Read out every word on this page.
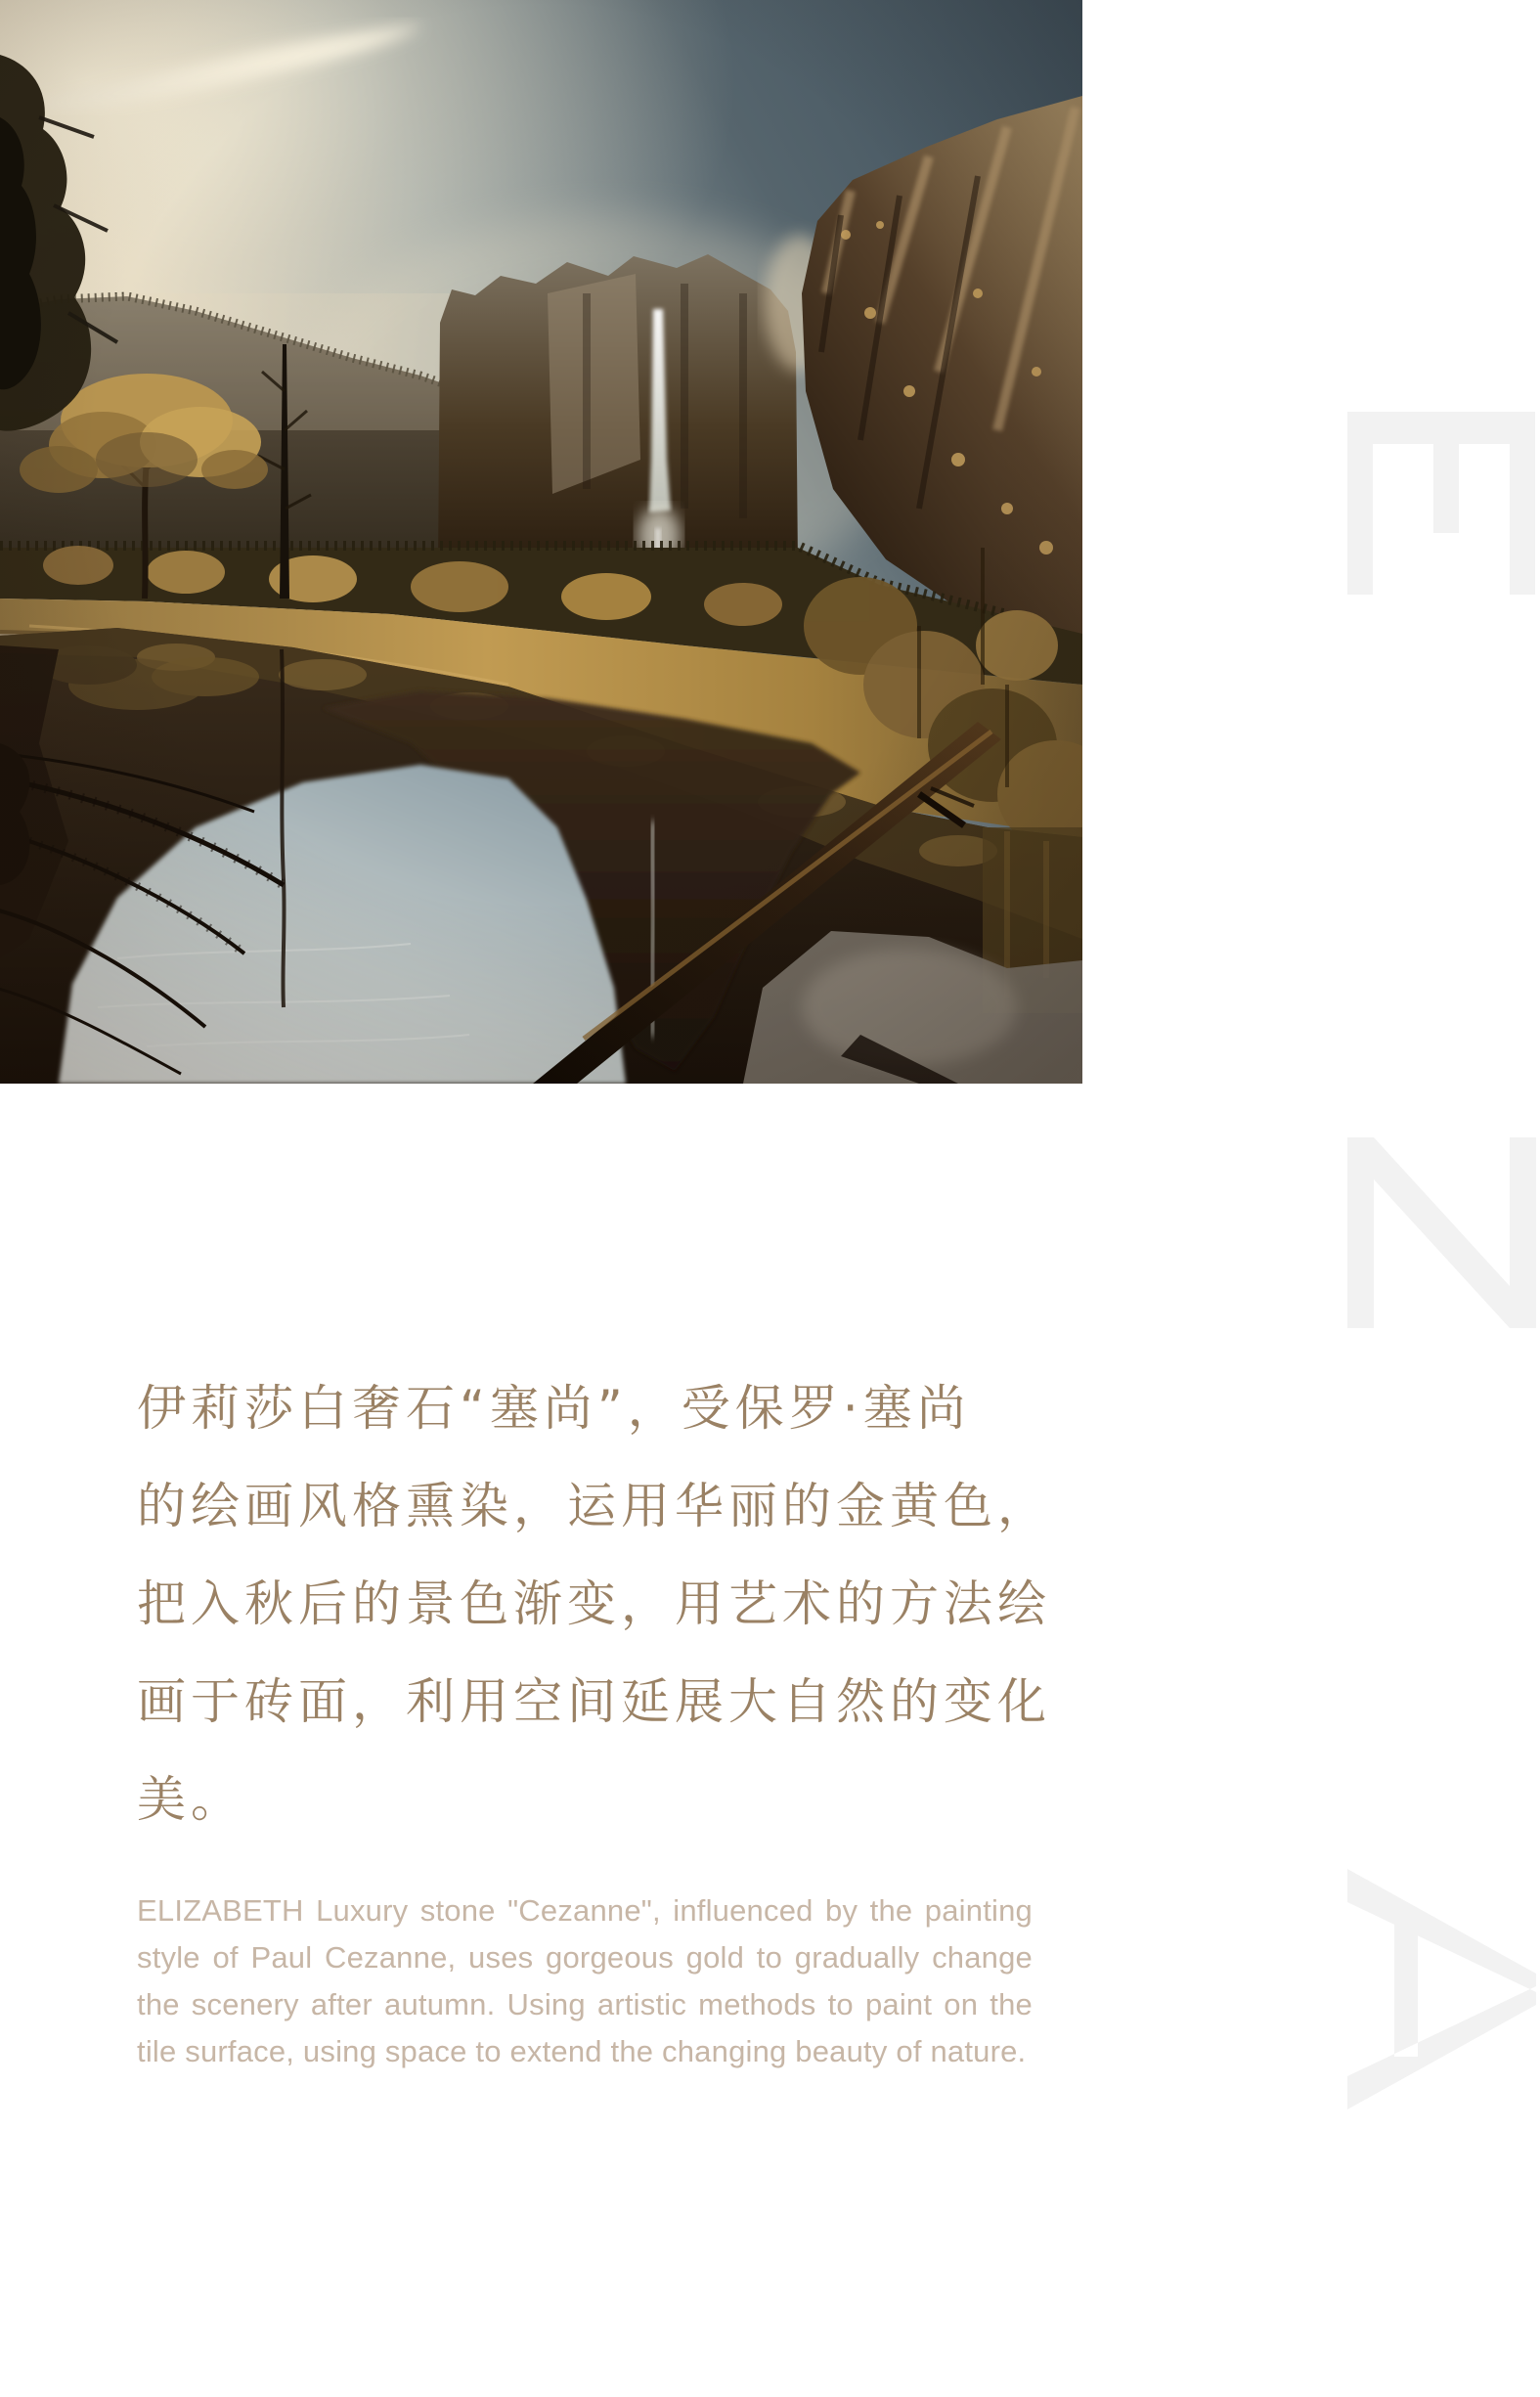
伊莉莎白奢石“塞尚”，受保罗·塞尚
的绘画风格熏染，运用华丽的金黄色，
把入秋后的景色渐变，用艺术的方法绘
画于砖面，利用空间延展大自然的变化
美。
ELIZABETH Luxury stone "Cezanne", influenced by the painting style of Paul Cezanne, uses gorgeous gold to gradually change the scenery after autumn. Using artistic methods to paint on the tile surface, using space to extend the changing beauty of nature.
